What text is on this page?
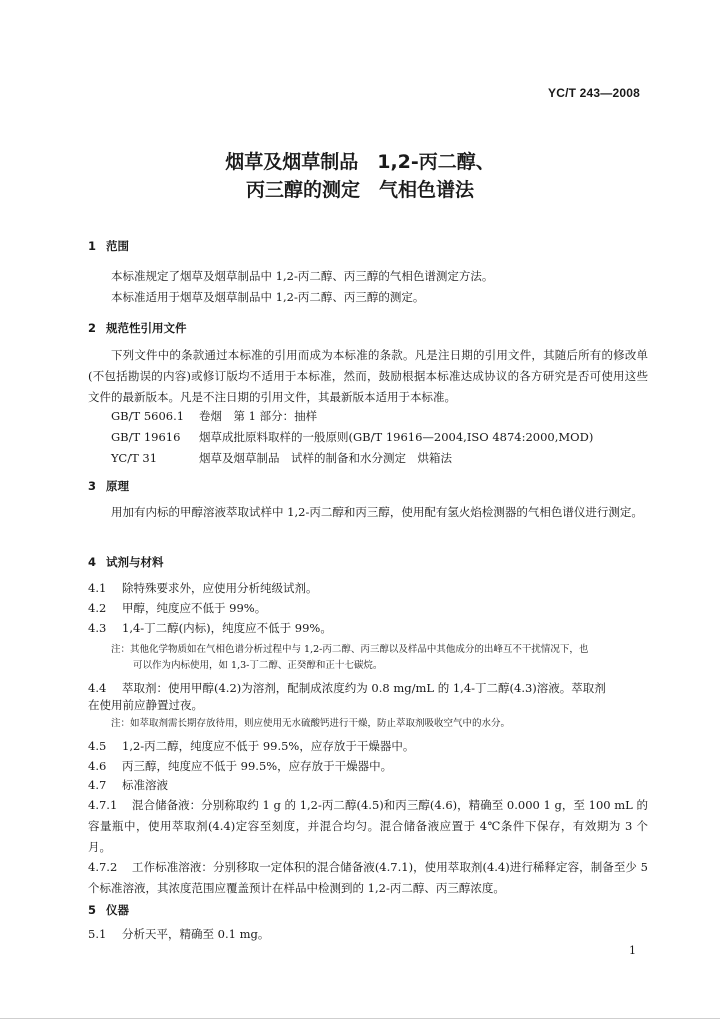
YC/T 243—2008
烟草及烟草制品　1,2-丙二醇、
丙三醇的测定　气相色谱法
1 范围
本标准规定了烟草及烟草制品中 1,2-丙二醇、丙三醇的气相色谱测定方法。
本标准适用于烟草及烟草制品中 1,2-丙二醇、丙三醇的测定。
2 规范性引用文件
下列文件中的条款通过本标准的引用而成为本标准的条款。凡是注日期的引用文件，其随后所有的修改单(不包括勘误的内容)或修订版均不适用于本标准，然而，鼓励根据本标准达成协议的各方研究是否可使用这些文件的最新版本。凡是不注日期的引用文件，其最新版本适用于本标准。
GB/T 5606.1 卷烟　第 1 部分：抽样
GB/T 19616 烟草成批原料取样的一般原则(GB/T 19616—2004,ISO 4874:2000,MOD)
YC/T 31	烟草及烟草制品　试样的制备和水分测定　烘箱法
3 原理
用加有内标的甲醇溶液萃取试样中 1,2-丙二醇和丙三醇，使用配有氢火焰检测器的气相色谱仪进行测定。
4 试剂与材料
4.1 除特殊要求外，应使用分析纯级试剂。
4.2 甲醇，纯度应不低于 99%。
4.3 1,4-丁二醇(内标)，纯度应不低于 99%。
注：其他化学物质如在气相色谱分析过程中与 1,2-丙二醇、丙三醇以及样品中其他成分的出峰互不干扰情况下，也
可以作为内标使用，如 1,3-丁二醇、正癸醇和正十七碳烷。
4.4 萃取剂：使用甲醇(4.2)为溶剂，配制成浓度约为 0.8 mg/mL 的 1,4-丁二醇(4.3)溶液。萃取剂
在使用前应静置过夜。
注：如萃取剂需长期存放待用，则应使用无水硫酸钙进行干燥，防止萃取剂吸收空气中的水分。
4.5 1,2-丙二醇，纯度应不低于 99.5%，应存放于干燥器中。
4.6 丙三醇，纯度应不低于 99.5%，应存放于干燥器中。
4.7 标准溶液
4.7.1 混合储备液：分别称取约 1 g 的 1,2-丙二醇(4.5)和丙三醇(4.6)，精确至 0.000 1 g，至 100 mL 的容量瓶中，使用萃取剂(4.4)定容至刻度，并混合均匀。混合储备液应置于 4℃条件下保存，有效期为 3 个月。
4.7.2 工作标准溶液：分别移取一定体积的混合储备液(4.7.1)，使用萃取剂(4.4)进行稀释定容，制备至少 5 个标准溶液，其浓度范围应覆盖预计在样品中检测到的 1,2-丙二醇、丙三醇浓度。
5 仪器
5.1 分析天平，精确至 0.1 mg。
1
